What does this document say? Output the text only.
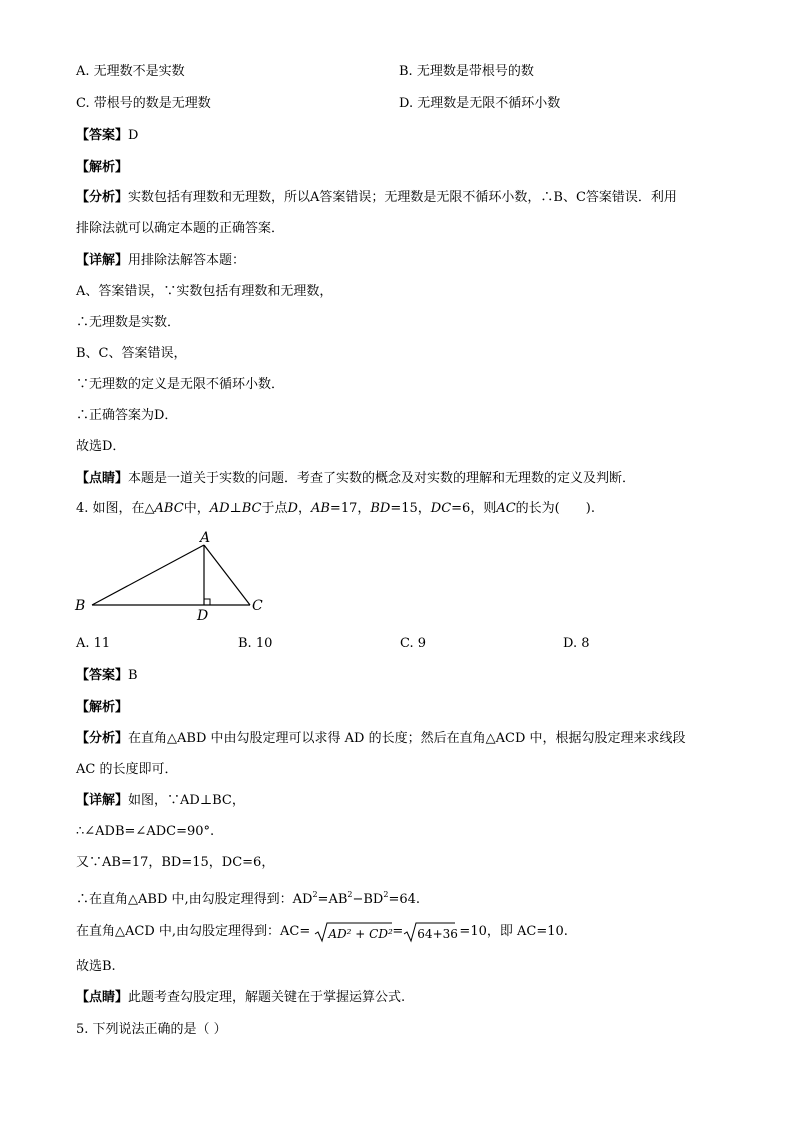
A. 无理数不是实数	B. 无理数是带根号的数
C. 带根号的数是无理数	D. 无理数是无限不循环小数
【 答案 】 D
【 解析 】
【 分析 】 实数包括有理数和无理数，所以A答案错误；无理数是无限不循环小数，∴B、C答案错误．利用
排除法就可以确定本题的正确答案．
【 详解 】 用排除法解答本题：
A、答案错误，∵实数包括有理数和无理数，
∴无理数是实数．
B、C、答案错误，
∵无理数的定义是无限不循环小数．
∴正确答案为D．
故选D．
【 点睛 】 本题是一道关于实数的问题．考查了实数的概念及对实数的理解和无理数的定义及判断．
4. 如图，在△ABC中，AD⊥BC于点D，AB=17，BD=15，DC=6，则AC的长为(　　).
A
B	C
D
A. 11	B. 10	C. 9	D. 8
【 答案 】 B
【 解析 】
【 分析 】 在直角△ABD 中由勾股定理可以求得 AD 的长度；然后在直角△ACD 中，根据勾股定理来求线段
AC 的长度即可．
【 详解 】 如图，∵AD⊥BC，
∴∠ADB=∠ADC=90°.
又∵AB=17，BD=15，DC=6，
∴在直角△ABD 中,由勾股定理得到：$AD^2=AB^2-BD^2=64$.
在直角△ACD 中,由勾股定理得到：AC= AD² + CD²= 64+36 =10，即 AC=10.
故选B.
【 点睛 】 此题考查勾股定理，解题关键在于掌握运算公式.
5. 下列说法正确的是（ ）
